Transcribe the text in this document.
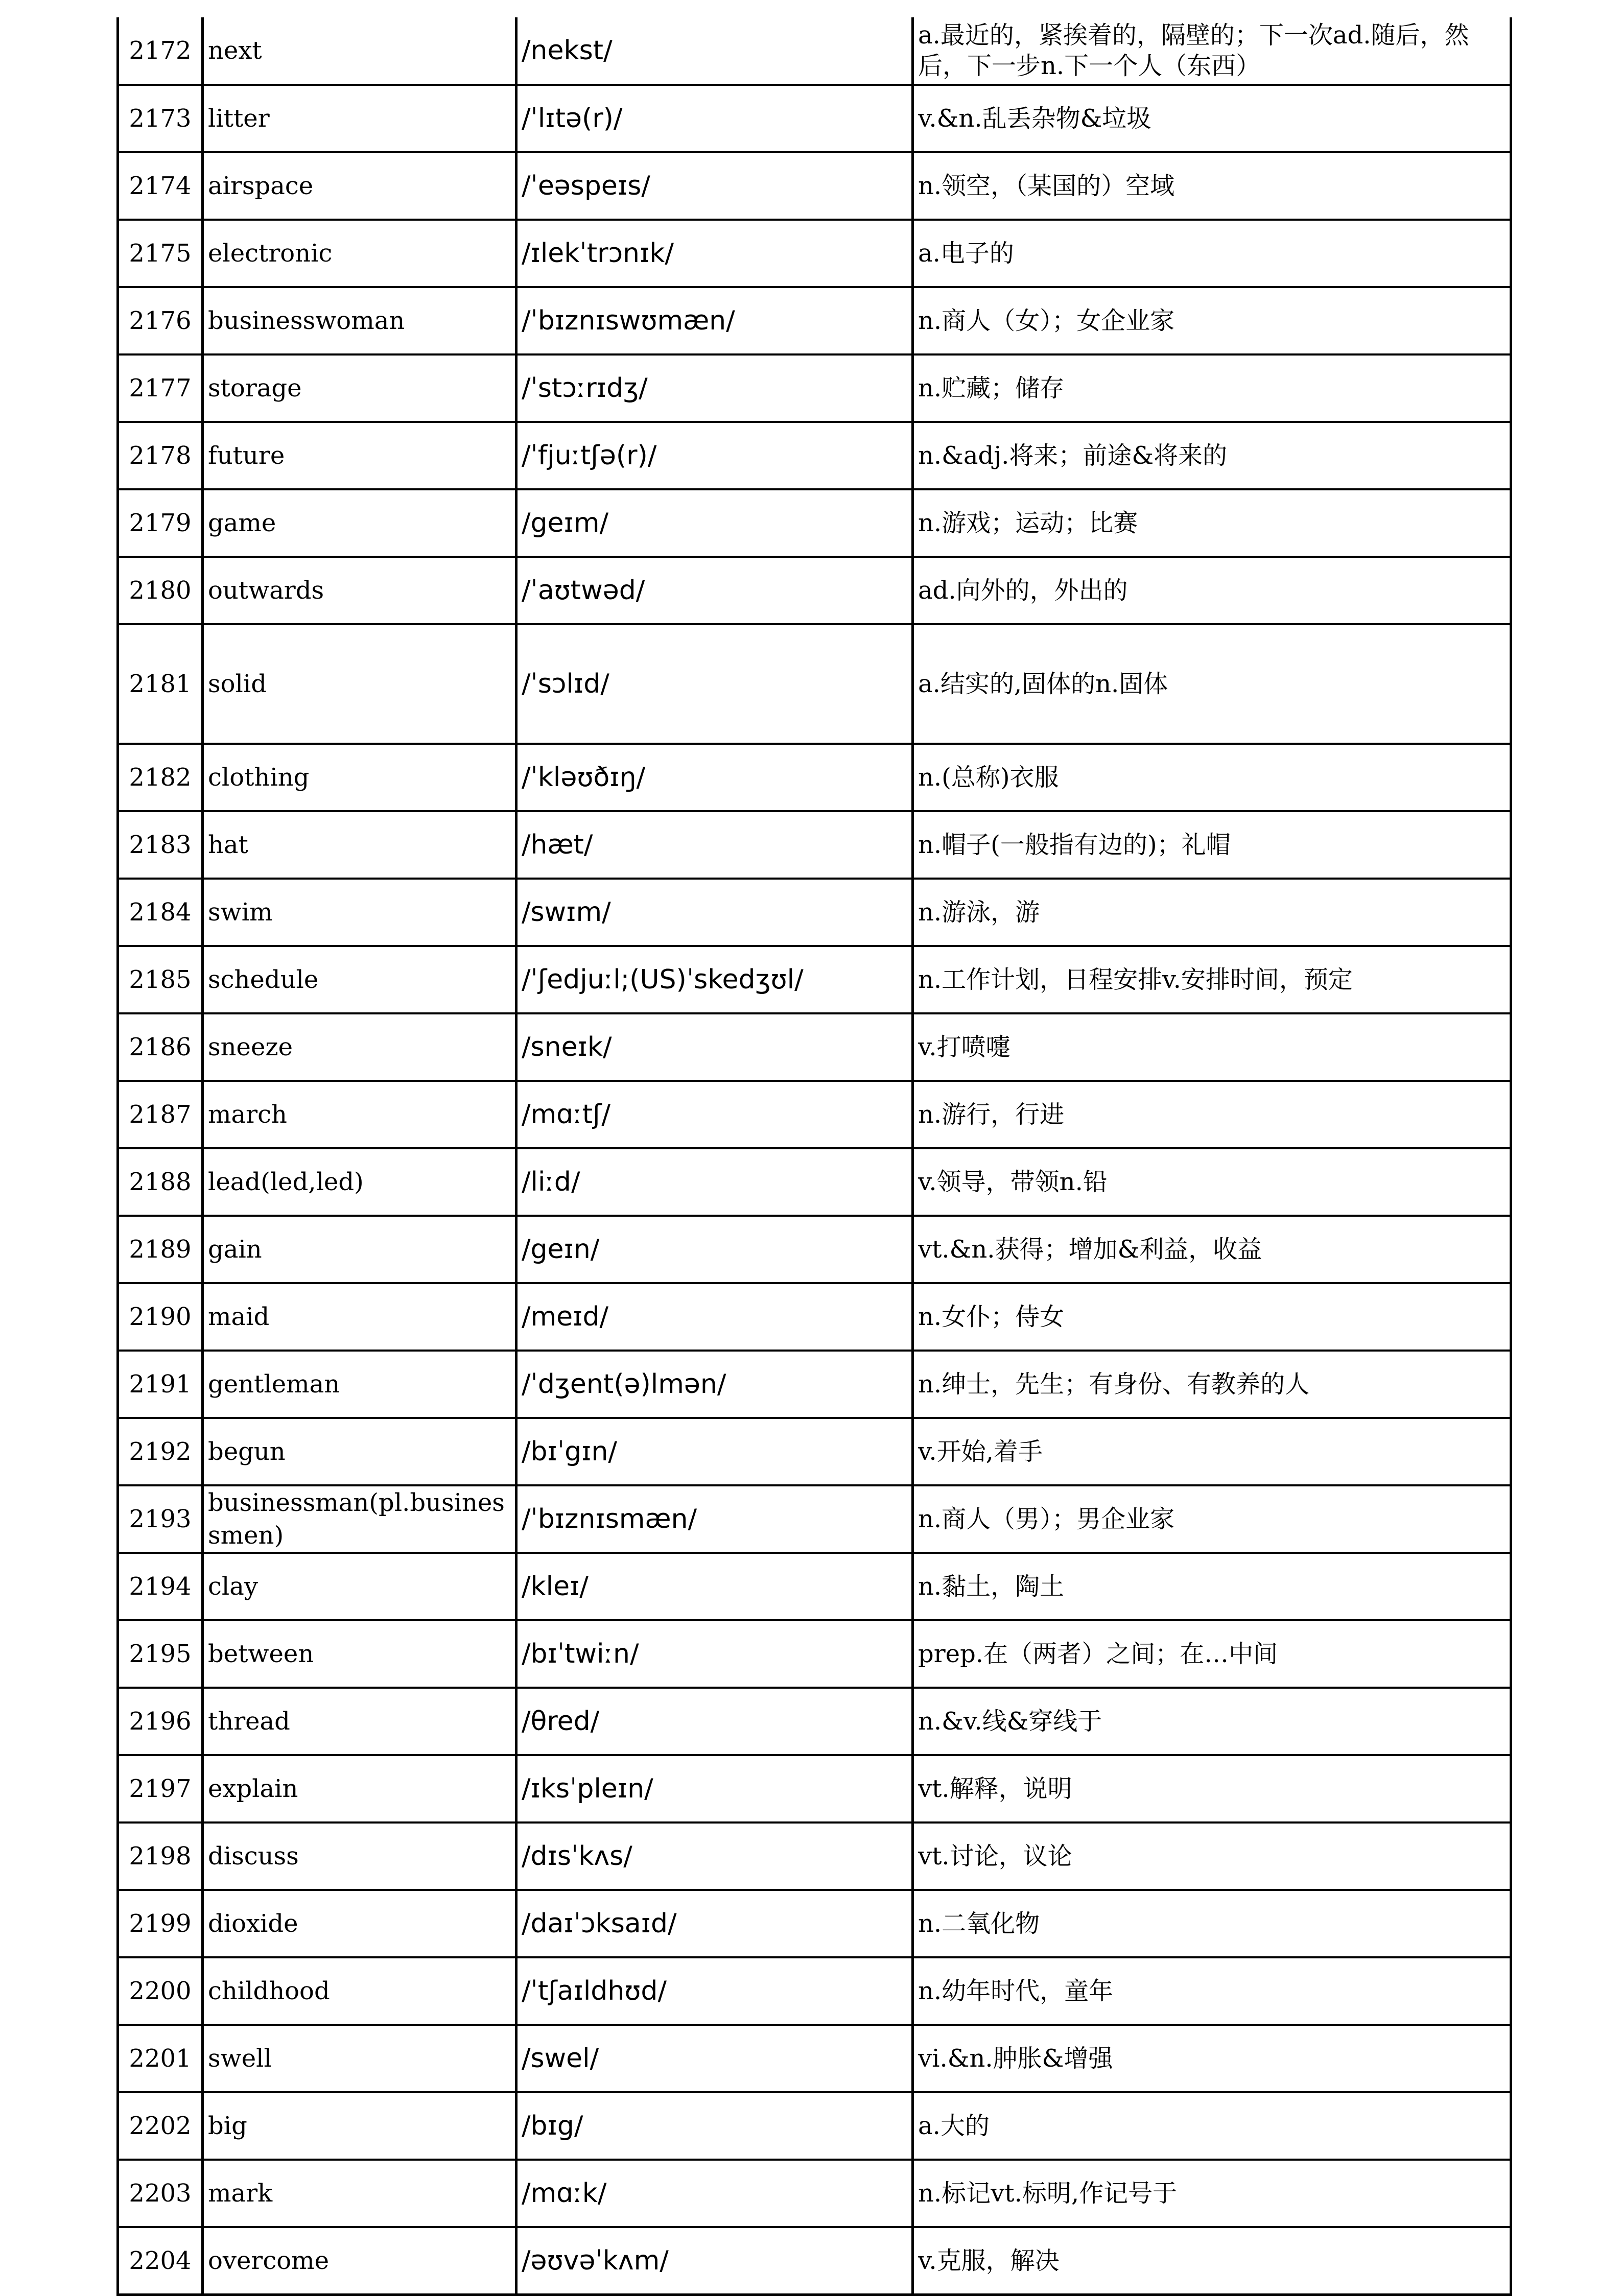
2172	next	/nekst/	a.最近的，紧挨着的，隔壁的；下一次ad.随后，然后，下一步n.下一个人（东西）
2173	litter	/ˈlɪtə(r)/	v.&n.乱丢杂物&垃圾
2174	airspace	/ˈeəspeɪs/	n.领空，（某国的）空域
2175	electronic	/ɪlekˈtrɔnɪk/	a.电子的
2176	businesswoman	/ˈbɪznɪswʊmæn/	n.商人（女）；女企业家
2177	storage	/ˈstɔːrɪdʒ/	n.贮藏；储存
2178	future	/ˈfjuːtʃə(r)/	n.&adj.将来；前途&将来的
2179	game	/geɪm/	n.游戏；运动；比赛
2180	outwards	/ˈaʊtwəd/	ad.向外的，外出的
2181	solid	/ˈsɔlɪd/	a.结实的,固体的n.固体
2182	clothing	/ˈkləʊðɪŋ/	n.(总称)衣服
2183	hat	/hæt/	n.帽子(一般指有边的)；礼帽
2184	swim	/swɪm/	n.游泳，游
2185	schedule	/ˈʃedjuːl;(US)ˈskedʒʊl/	n.工作计划，日程安排v.安排时间，预定
2186	sneeze	/sneɪk/	v.打喷嚏
2187	march	/mɑːtʃ/	n.游行，行进
2188	lead(led,led)	/liːd/	v.领导，带领n.铅
2189	gain	/geɪn/	vt.&n.获得；增加&利益，收益
2190	maid	/meɪd/	n.女仆；侍女
2191	gentleman	/ˈdʒent(ə)lmən/	n.绅士，先生；有身份、有教养的人
2192	begun	/bɪˈgɪn/	v.开始,着手
2193	businessman(pl.businessmen)	/ˈbɪznɪsmæn/	n.商人（男）；男企业家
2194	clay	/kleɪ/	n.黏土，陶土
2195	between	/bɪˈtwiːn/	prep.在（两者）之间；在…中间
2196	thread	/θred/	n.&v.线&穿线于
2197	explain	/ɪksˈpleɪn/	vt.解释，说明
2198	discuss	/dɪsˈkʌs/	vt.讨论，议论
2199	dioxide	/daɪˈɔksaɪd/	n.二氧化物
2200	childhood	/ˈtʃaɪldhʊd/	n.幼年时代，童年
2201	swell	/swel/	vi.&n.肿胀&增强
2202	big	/bɪg/	a.大的
2203	mark	/mɑːk/	n.标记vt.标明,作记号于
2204	overcome	/əʊvəˈkʌm/	v.克服，解决
